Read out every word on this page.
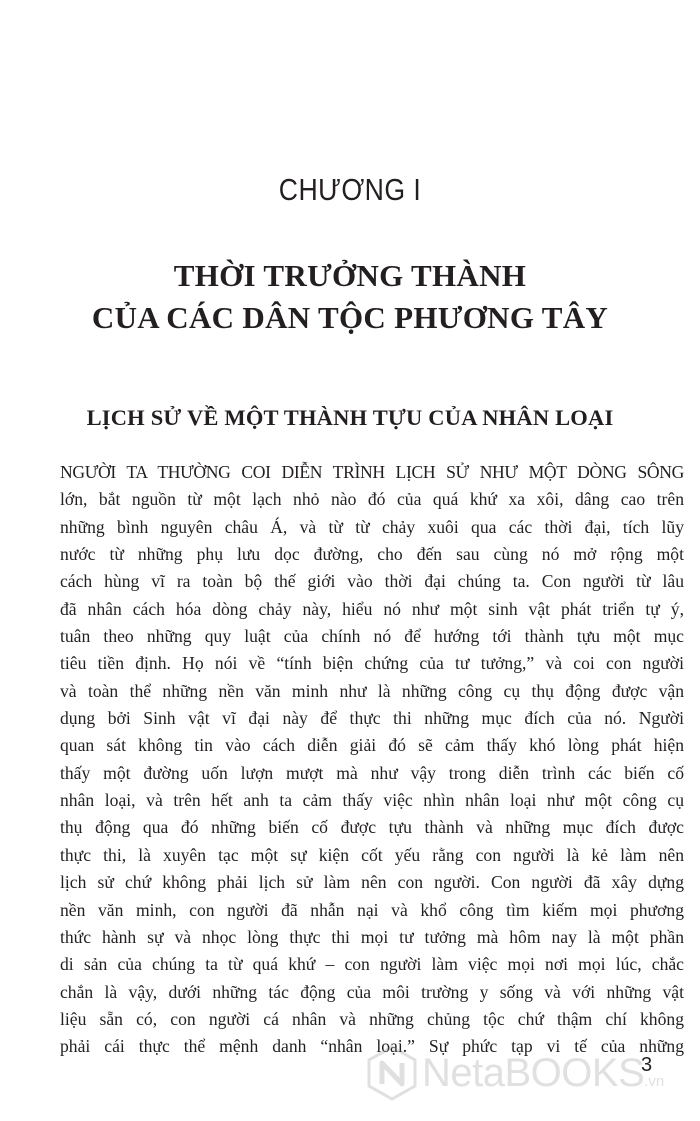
CHƯƠNG I
THỜI TRƯỞNG THÀNH
CỦA CÁC DÂN TỘC PHƯƠNG TÂY
LỊCH SỬ VỀ MỘT THÀNH TỰU CỦA NHÂN LOẠI
NGƯỜI TA THƯỜNG COI DIỄN TRÌNH LỊCH SỬ NHƯ MỘT DÒNG SÔNG
lớn, bắt nguồn từ một lạch nhỏ nào đó của quá khứ xa xôi, dâng cao trên
những bình nguyên châu Á, và từ từ chảy xuôi qua các thời đại, tích lũy
nước từ những phụ lưu dọc đường, cho đến sau cùng nó mở rộng một
cách hùng vĩ ra toàn bộ thế giới vào thời đại chúng ta. Con người từ lâu
đã nhân cách hóa dòng chảy này, hiểu nó như một sinh vật phát triển tự ý,
tuân theo những quy luật của chính nó để hướng tới thành tựu một mục
tiêu tiền định. Họ nói về “tính biện chứng của tư tưởng,” và coi con người
và toàn thể những nền văn minh như là những công cụ thụ động được vận
dụng bởi Sinh vật vĩ đại này để thực thi những mục đích của nó. Người
quan sát không tin vào cách diễn giải đó sẽ cảm thấy khó lòng phát hiện
thấy một đường uốn lượn mượt mà như vậy trong diễn trình các biến cố
nhân loại, và trên hết anh ta cảm thấy việc nhìn nhân loại như một công cụ
thụ động qua đó những biến cố được tựu thành và những mục đích được
thực thi, là xuyên tạc một sự kiện cốt yếu rằng con người là kẻ làm nên
lịch sử chứ không phải lịch sử làm nên con người. Con người đã xây dựng
nền văn minh, con người đã nhẫn nại và khổ công tìm kiếm mọi phương
thức hành sự và nhọc lòng thực thi mọi tư tưởng mà hôm nay là một phần
di sản của chúng ta từ quá khứ – con người làm việc mọi nơi mọi lúc, chắc
chắn là vậy, dưới những tác động của môi trường y sống và với những vật
liệu sẵn có, con người cá nhân và những chủng tộc chứ thậm chí không
phải cái thực thể mệnh danh “nhân loại.” Sự phức tạp vi tế của những
NetaBOOKS.vn
3
